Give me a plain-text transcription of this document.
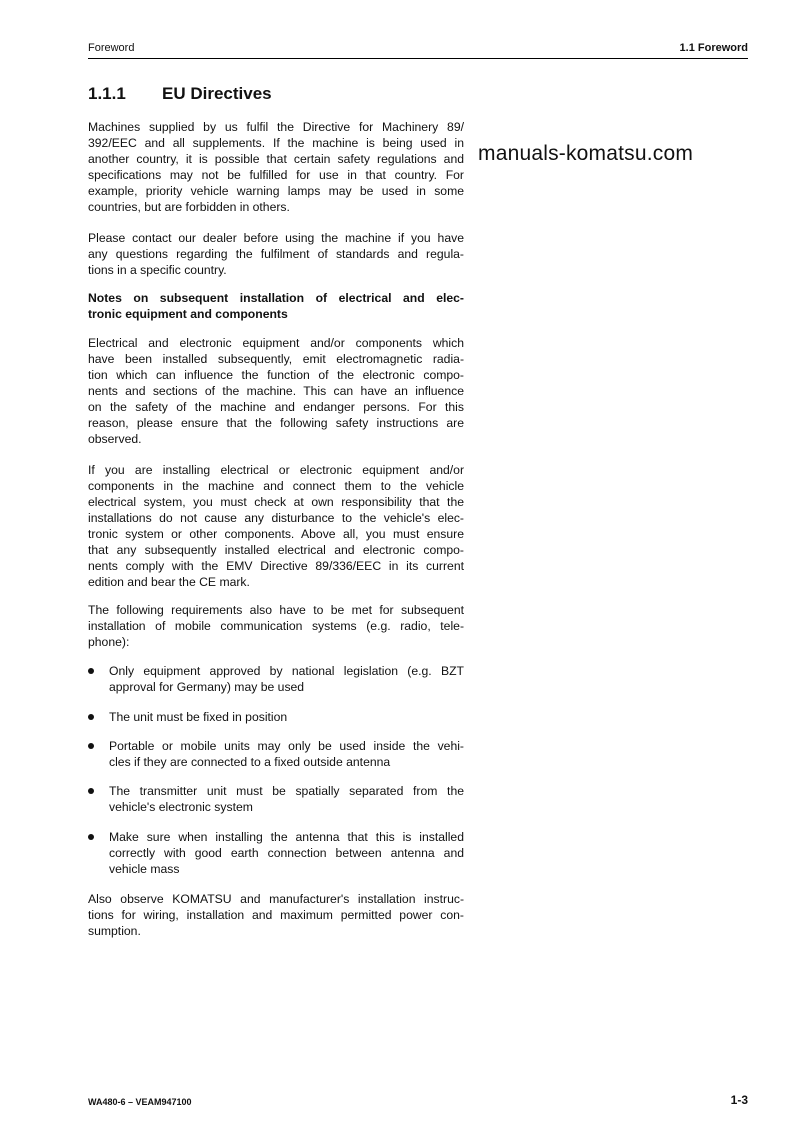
Foreword	1.1 Foreword
1.1.1 EU Directives
Machines supplied by us fulfil the Directive for Machinery 89/
392/EEC and all supplements. If the machine is being used in
another country, it is possible that certain safety regulations and
specifications may not be fulfilled for use in that country. For
example, priority vehicle warning lamps may be used in some
countries, but are forbidden in others.
Please contact our dealer before using the machine if you have
any questions regarding the fulfilment of standards and regula-
tions in a specific country.
Notes on subsequent installation of electrical and elec-
tronic equipment and components
Electrical and electronic equipment and/or components which
have been installed subsequently, emit electromagnetic radia-
tion which can influence the function of the electronic compo-
nents and sections of the machine. This can have an influence
on the safety of the machine and endanger persons. For this
reason, please ensure that the following safety instructions are
observed.
If you are installing electrical or electronic equipment and/or
components in the machine and connect them to the vehicle
electrical system, you must check at own responsibility that the
installations do not cause any disturbance to the vehicle's elec-
tronic system or other components. Above all, you must ensure
that any subsequently installed electrical and electronic compo-
nents comply with the EMV Directive 89/336/EEC in its current
edition and bear the CE mark.
The following requirements also have to be met for subsequent
installation of mobile communication systems (e.g. radio, tele-
phone):
Only equipment approved by national legislation (e.g. BZT
approval for Germany) may be used
The unit must be fixed in position
Portable or mobile units may only be used inside the vehi-
cles if they are connected to a fixed outside antenna
The transmitter unit must be spatially separated from the
vehicle's electronic system
Make sure when installing the antenna that this is installed
correctly with good earth connection between antenna and
vehicle mass
Also observe KOMATSU and manufacturer's installation instruc-
tions for wiring, installation and maximum permitted power con-
sumption.
manuals-komatsu.com
WA480-6 – VEAM947100	1-3
